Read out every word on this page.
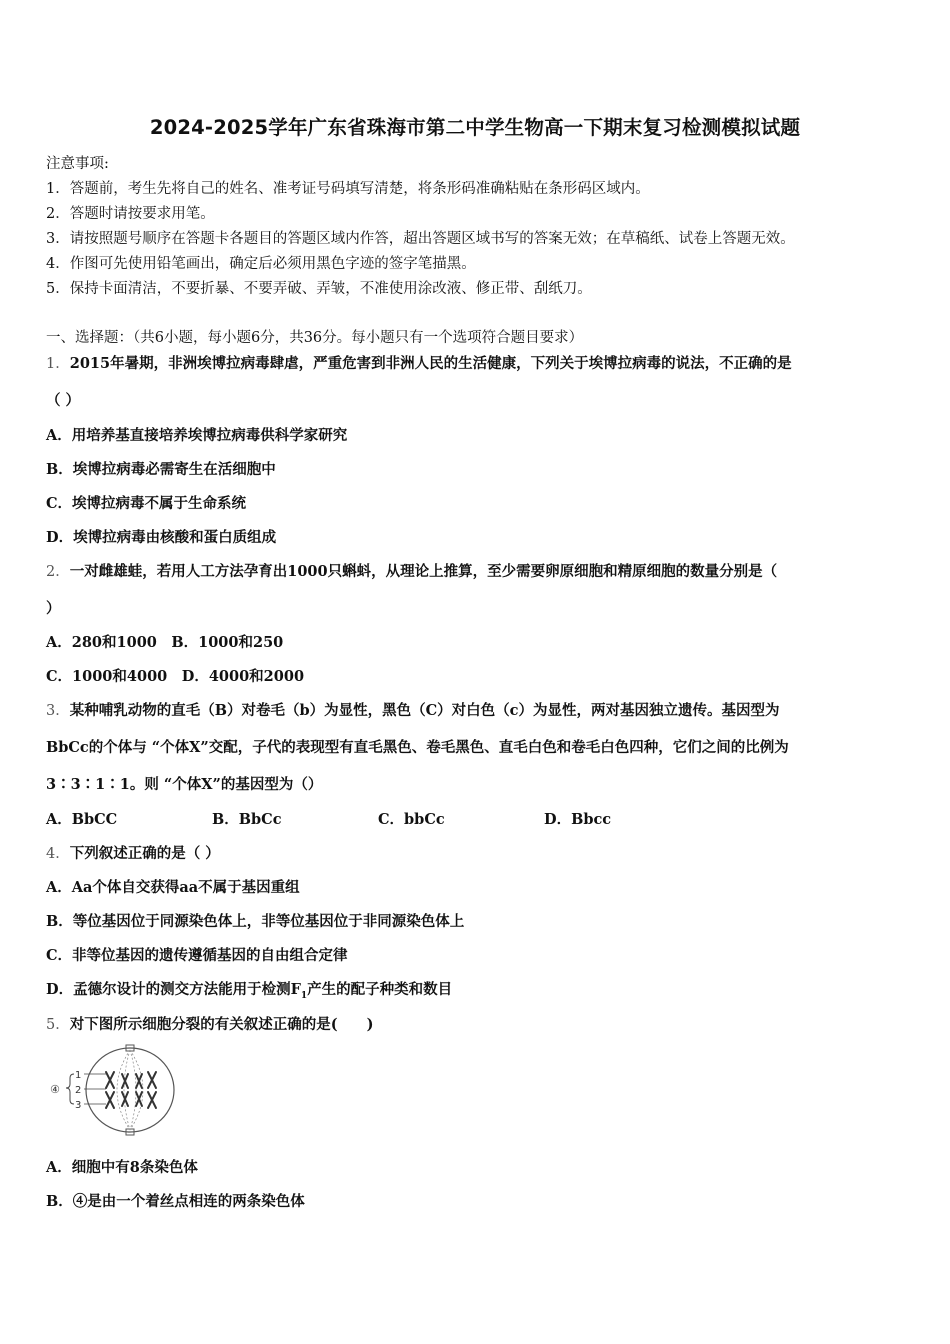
2024-2025学年广东省珠海市第二中学生物高一下期末复习检测模拟试题
注意事项:
1．答题前，考生先将自己的姓名、准考证号码填写清楚，将条形码准确粘贴在条形码区域内。
2．答题时请按要求用笔。
3．请按照题号顺序在答题卡各题目的答题区域内作答，超出答题区域书写的答案无效；在草稿纸、试卷上答题无效。
4．作图可先使用铅笔画出，确定后必须用黑色字迹的签字笔描黑。
5．保持卡面清洁，不要折暴、不要弄破、弄皱，不准使用涂改液、修正带、刮纸刀。
一、选择题：（共6小题，每小题6分，共36分。每小题只有一个选项符合题目要求）
1．2015年暑期，非洲埃博拉病毒肆虐，严重危害到非洲人民的生活健康，下列关于埃博拉病毒的说法，不正确的是
（ ）
A．用培养基直接培养埃博拉病毒供科学家研究
B．埃博拉病毒必需寄生在活细胞中
C．埃博拉病毒不属于生命系统
D．埃博拉病毒由核酸和蛋白质组成
2．一对雌雄蛙，若用人工方法孕育出1000只蝌蚪，从理论上推算，至少需要卵原细胞和精原细胞的数量分别是（
）
A．280和1000　B．1000和250
C．1000和4000　D．4000和2000
3．某种哺乳动物的直毛（B）对卷毛（b）为显性，黑色（C）对白色（c）为显性，两对基因独立遗传。基因型为
BbCc的个体与 “个体X”交配，子代的表现型有直毛黑色、卷毛黑色、直毛白色和卷毛白色四种，它们之间的比例为
3∶3∶1∶1。则 “个体X”的基因型为（）
A．BbCC	B．BbCc	C．bbCc	D．Bbcc
4．下列叙述正确的是（ ）
A．Aa个体自交获得aa不属于基因重组
B．等位基因位于同源染色体上，非等位基因位于非同源染色体上
C．非等位基因的遗传遵循基因的自由组合定律
D．孟德尔设计的测交方法能用于检测$F_1$产生的配子种类和数目
5．对下图所示细胞分裂的有关叙述正确的是(　　)
④
1
2
3
A．细胞中有8条染色体
B．④是由一个着丝点相连的两条染色体
